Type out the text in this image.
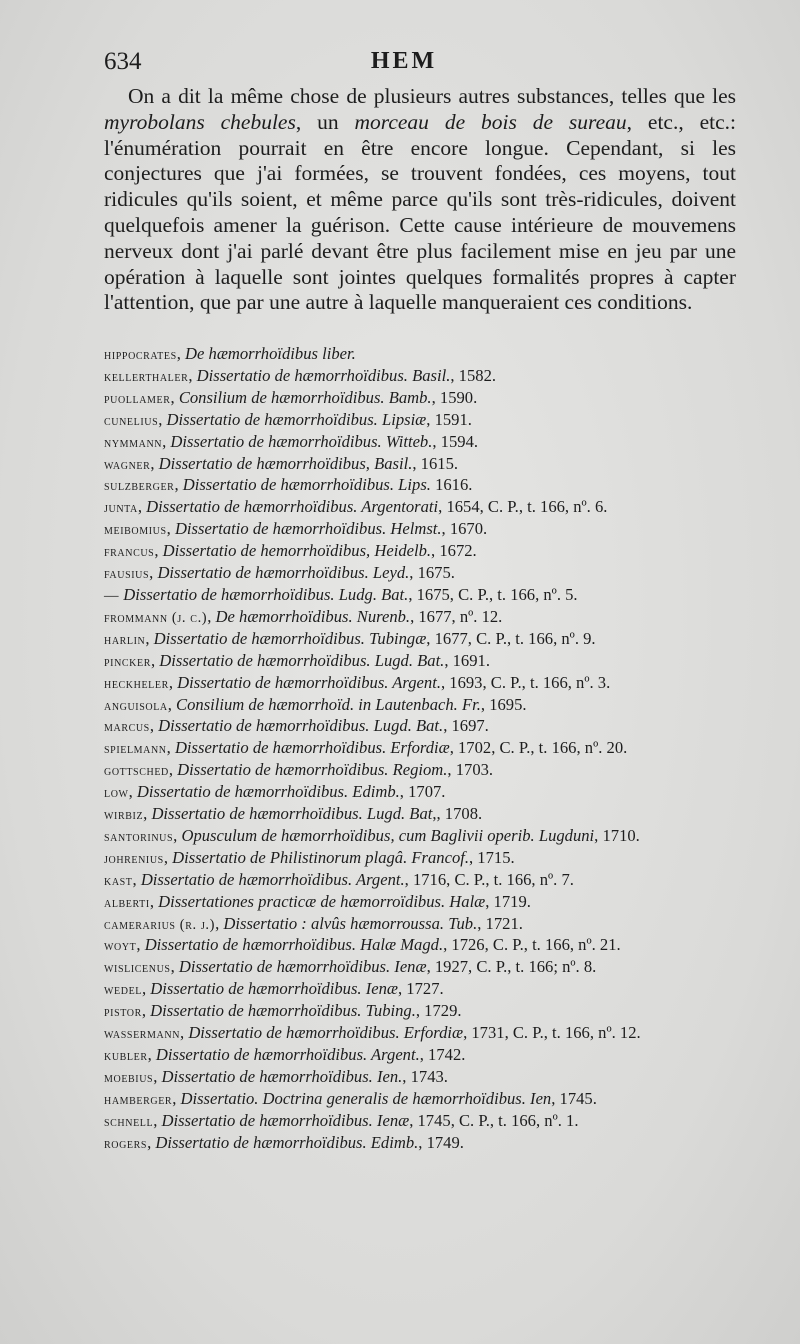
634	HEM

On a dit la même chose de plusieurs autres substances, telles que les myrobolans chebules, un morceau de bois de sureau, etc., etc.: l'énumération pourrait en être encore longue. Cependant, si les conjectures que j'ai formées, se trouvent fondées, ces moyens, tout ridicules qu'ils soient, et même parce qu'ils sont très-ridicules, doivent quelquefois amener la guérison. Cette cause intérieure de mouvemens nerveux dont j'ai parlé devant être plus facilement mise en jeu par une opération à laquelle sont jointes quelques formalités propres à capter l'attention, que par une autre à laquelle manqueraient ces conditions.

hippocrates, De hæmorrhoïdibus liber.
kellerthaler, Dissertatio de hæmorrhoïdibus. Basil., 1582.
puollamer, Consilium de hæmorrhoïdibus. Bamb., 1590.
cunelius, Dissertatio de hæmorrhoïdibus. Lipsiæ, 1591.
nymmann, Dissertatio de hæmorrhoïdibus. Witteb., 1594.
wagner, Dissertatio de hæmorrhoïdibus, Basil., 1615.
sulzberger, Dissertatio de hæmorrhoïdibus. Lips. 1616.
junta, Dissertatio de hæmorrhoïdibus. Argentorati, 1654, C. P., t. 166, nº. 6.
meibomius, Dissertatio de hæmorrhoïdibus. Helmst., 1670.
francus, Dissertatio de hemorrhoïdibus, Heidelb., 1672.
fausius, Dissertatio de hæmorrhoïdibus. Leyd., 1675.
— Dissertatio de hæmorrhoïdibus. Ludg. Bat., 1675, C. P., t. 166, nº. 5.
frommann (j. c.), De hæmorrhoïdibus. Nurenb., 1677, nº. 12.
harlin, Dissertatio de hæmorrhoïdibus. Tubingæ, 1677, C. P., t. 166, nº. 9.
pincker, Dissertatio de hæmorrhoïdibus. Lugd. Bat., 1691.
heckheler, Dissertatio de hæmorrhoïdibus. Argent., 1693, C. P., t. 166, nº. 3.
anguisola, Consilium de hæmorrhoïd. in Lautenbach. Fr., 1695.
marcus, Dissertatio de hæmorrhoïdibus. Lugd. Bat., 1697.
spielmann, Dissertatio de hæmorrhoïdibus. Erfordiæ, 1702, C. P., t. 166, nº. 20.
gottsched, Dissertatio de hæmorrhoïdibus. Regiom., 1703.
low, Dissertatio de hæmorrhoïdibus. Edimb., 1707.
wirbiz, Dissertatio de hæmorrhoïdibus. Lugd. Bat,, 1708.
santorinus, Opusculum de hæmorrhoïdibus, cum Baglivii operib. Lugduni, 1710.
johrenius, Dissertatio de Philistinorum plagâ. Francof., 1715.
kast, Dissertatio de hæmorrhoïdibus. Argent., 1716, C. P., t. 166, nº. 7.
alberti, Dissertationes practicæ de hæmorroïdibus. Halæ, 1719.
camerarius (r. j.), Dissertatio : alvûs hæmorroussa. Tub., 1721.
woyt, Dissertatio de hæmorrhoïdibus. Halæ Magd., 1726, C. P., t. 166, nº. 21.
wislicenus, Dissertatio de hæmorrhoïdibus. Ienæ, 1927, C. P., t. 166; nº. 8.
wedel, Dissertatio de hæmorrhoïdibus. Ienæ, 1727.
pistor, Dissertatio de hæmorrhoïdibus. Tubing., 1729.
wassermann, Dissertatio de hæmorrhoïdibus. Erfordiæ, 1731, C. P., t. 166, nº. 12.
kubler, Dissertatio de hæmorrhoïdibus. Argent., 1742.
moebius, Dissertatio de hæmorrhoïdibus. Ien., 1743.
hamberger, Dissertatio. Doctrina generalis de hæmorrhoïdibus. Ien, 1745.
schnell, Dissertatio de hæmorrhoïdibus. Ienæ, 1745, C. P., t. 166, nº. 1.
rogers, Dissertatio de hæmorrhoïdibus. Edimb., 1749.
